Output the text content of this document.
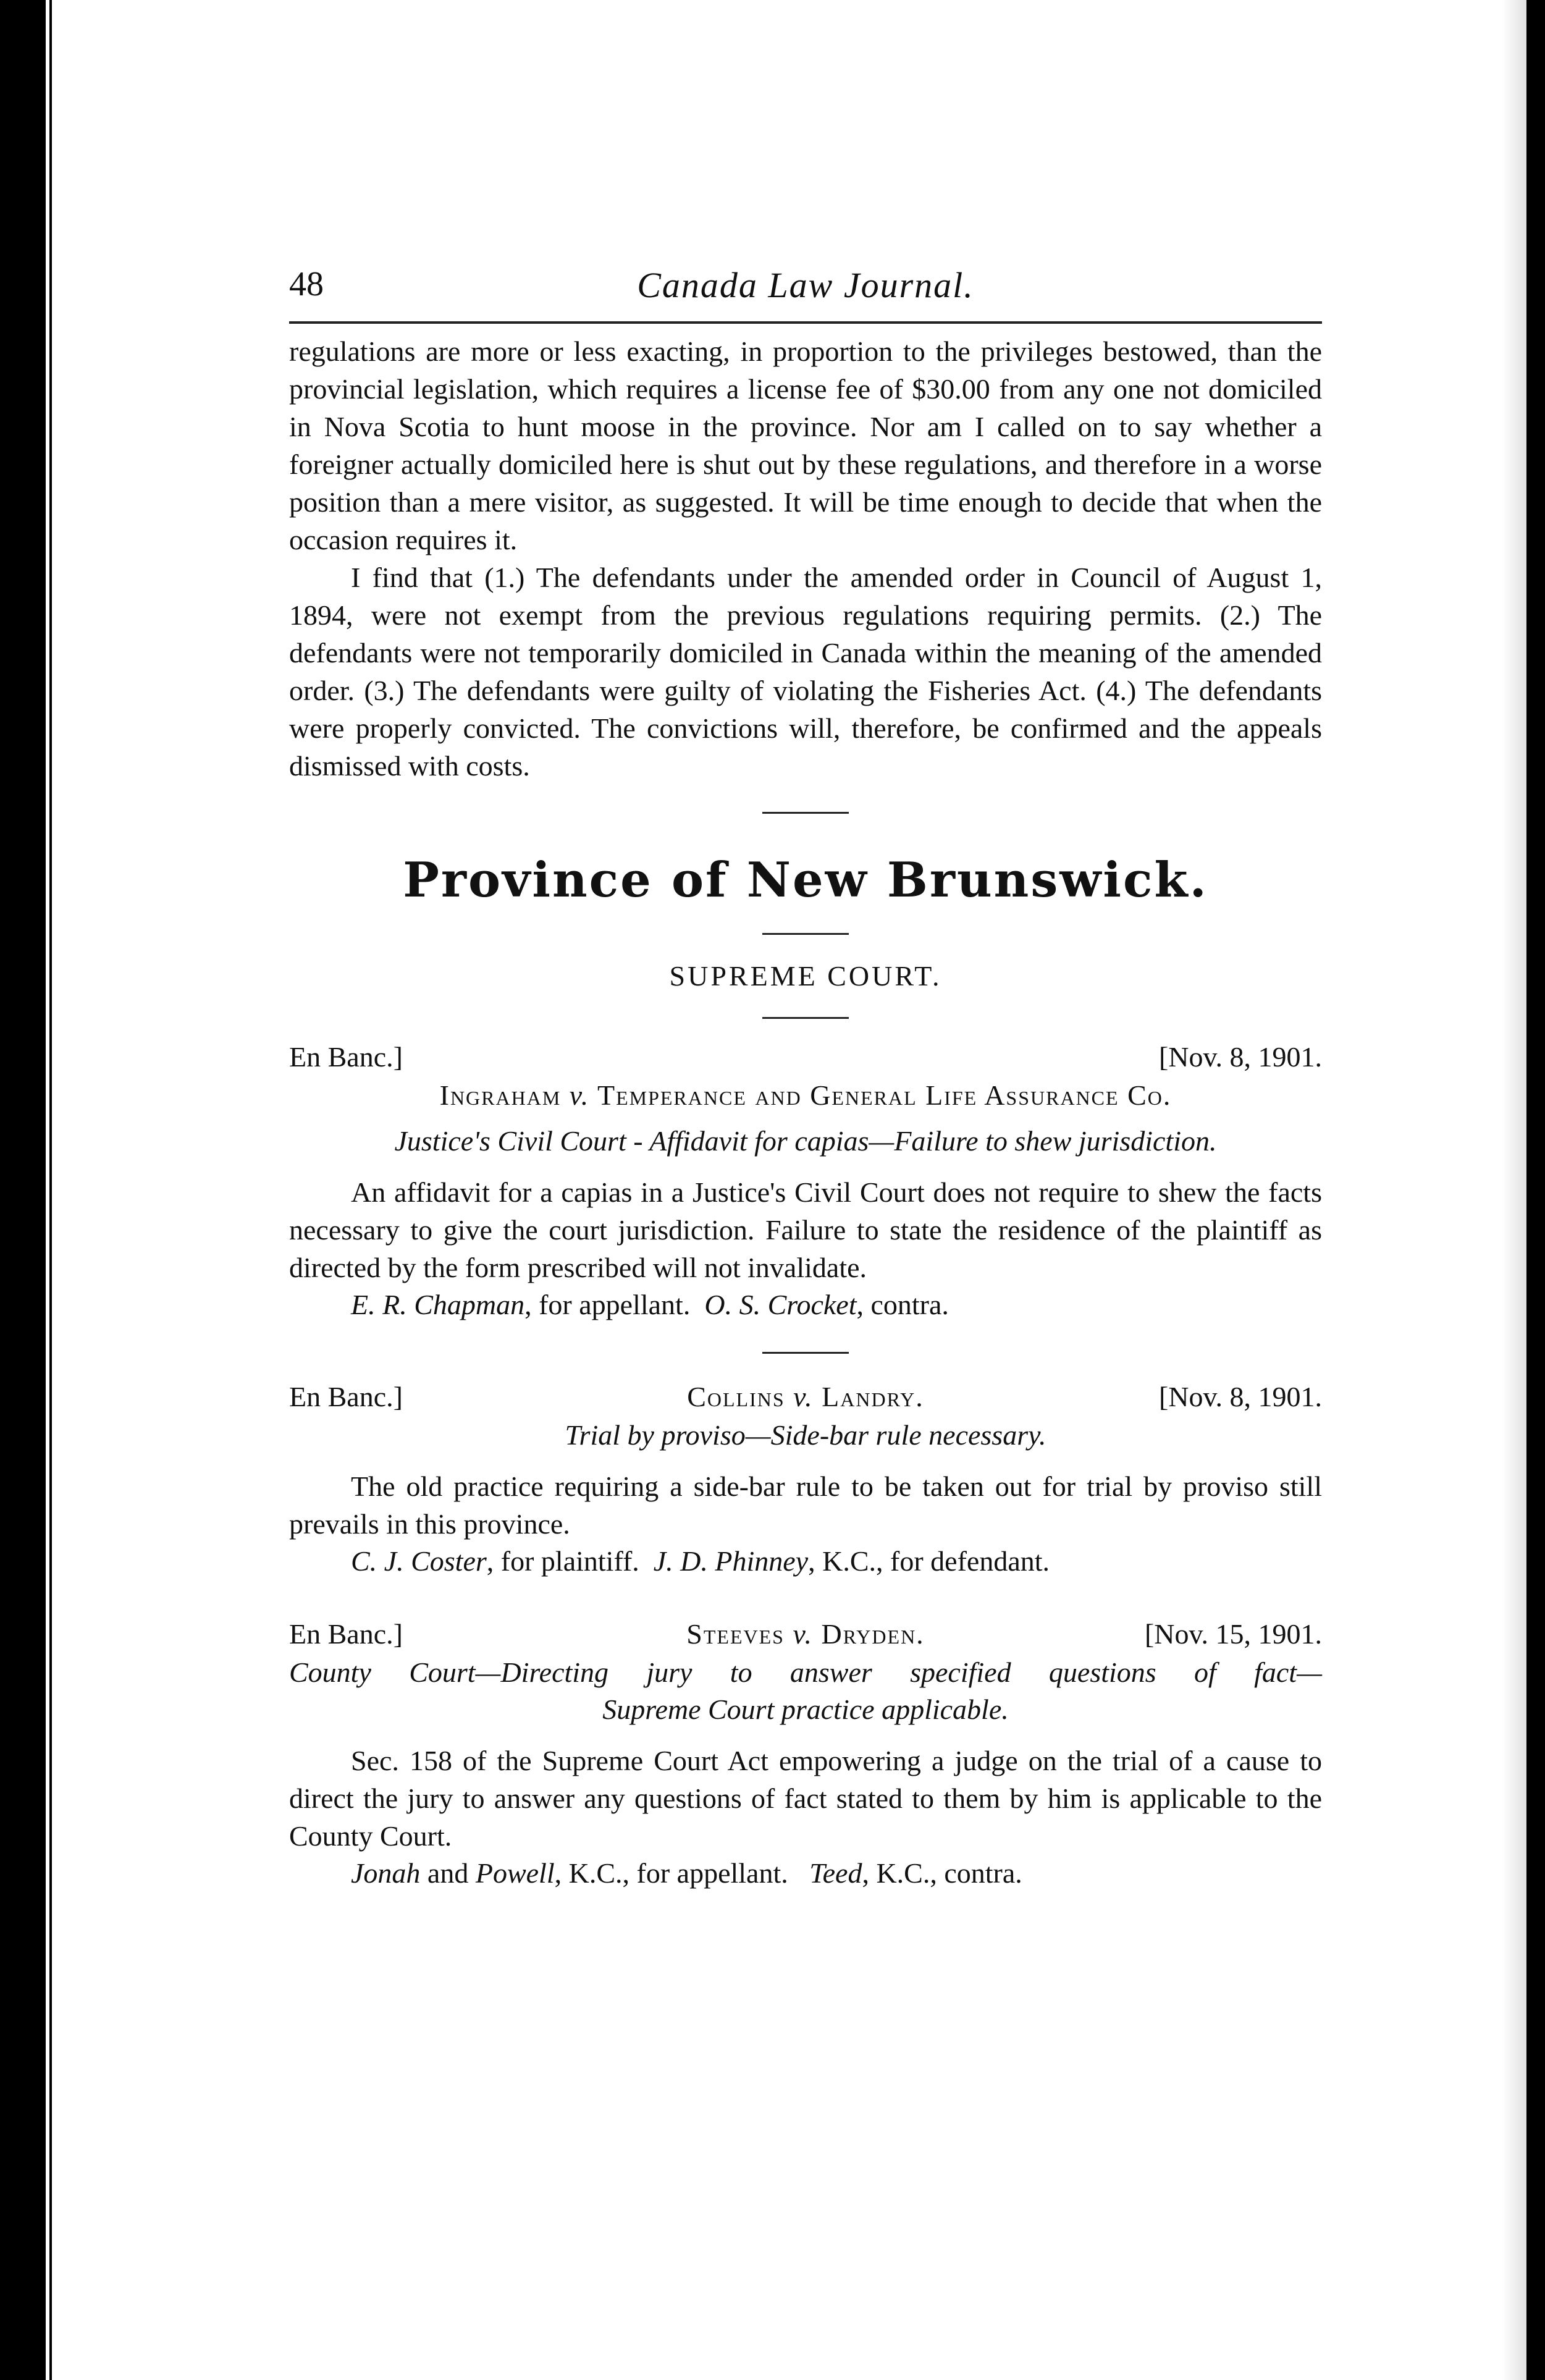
48	Canada Law Journal.

regulations are more or less exacting, in proportion to the privileges bestowed, than the provincial legislation, which requires a license fee of $30.00 from any one not domiciled in Nova Scotia to hunt moose in the province. Nor am I called on to say whether a foreigner actually domiciled here is shut out by these regulations, and therefore in a worse position than a mere visitor, as suggested. It will be time enough to decide that when the occasion requires it.

I find that (1.) The defendants under the amended order in Council of August 1, 1894, were not exempt from the previous regulations requiring permits. (2.) The defendants were not temporarily domiciled in Canada within the meaning of the amended order. (3.) The defendants were guilty of violating the Fisheries Act. (4.) The defendants were properly convicted. The convictions will, therefore, be confirmed and the appeals dismissed with costs.

Province of New Brunswick.
SUPREME COURT.
En Banc.]	[Nov. 8, 1901.
Ingraham v. Temperance and General Life Assurance Co.
Justice's Civil Court - Affidavit for capias—Failure to shew jurisdiction.

An affidavit for a capias in a Justice's Civil Court does not require to shew the facts necessary to give the court jurisdiction. Failure to state the residence of the plaintiff as directed by the form prescribed will not invalidate.

E. R. Chapman, for appellant. O. S. Crocket, contra.

En Banc.]	Collins v. Landry.	[Nov. 8, 1901.
Trial by proviso—Side-bar rule necessary.

The old practice requiring a side-bar rule to be taken out for trial by proviso still prevails in this province.

C. J. Coster, for plaintiff. J. D. Phinney, K.C., for defendant.

En Banc.]	Steeves v. Dryden.	[Nov. 15, 1901.
County Court—Directing jury to answer specified questions of fact—
Supreme Court practice applicable.

Sec. 158 of the Supreme Court Act empowering a judge on the trial of a cause to direct the jury to answer any questions of fact stated to them by him is applicable to the County Court.

Jonah and Powell, K.C., for appellant. Teed, K.C., contra.
